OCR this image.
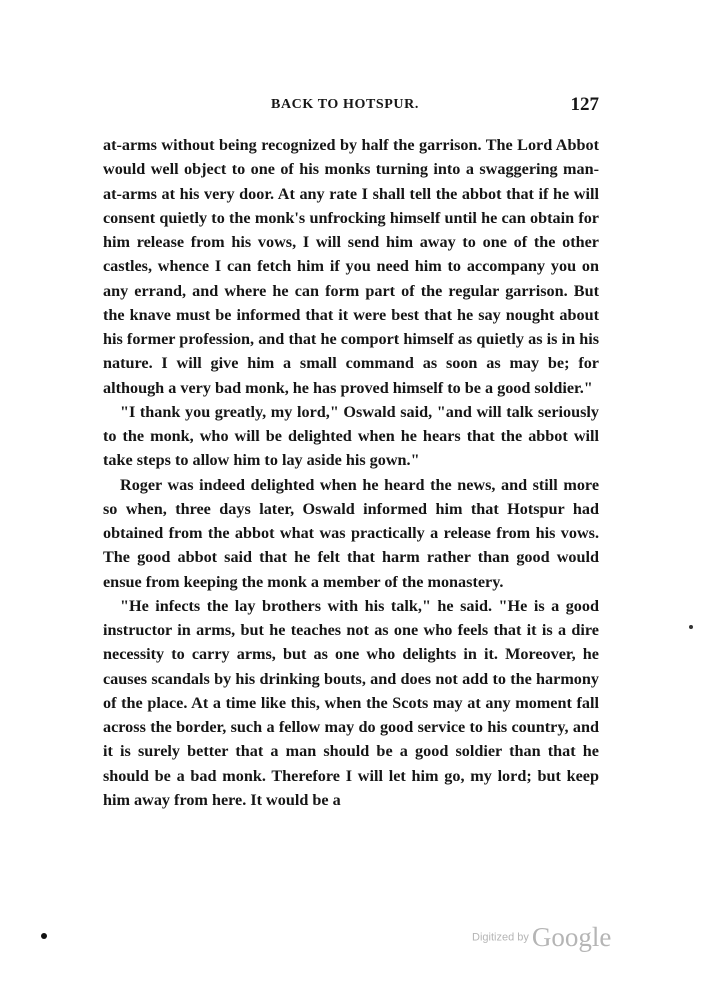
BACK TO HOTSPUR.	127

at-arms without being recognized by half the garrison. The Lord Abbot would well object to one of his monks turning into a swaggering man-at-arms at his very door. At any rate I shall tell the abbot that if he will consent quietly to the monk's unfrocking himself until he can obtain for him release from his vows, I will send him away to one of the other castles, whence I can fetch him if you need him to accompany you on any errand, and where he can form part of the regular garrison. But the knave must be informed that it were best that he say nought about his former profession, and that he comport himself as quietly as is in his nature. I will give him a small command as soon as may be; for although a very bad monk, he has proved himself to be a good soldier."

"I thank you greatly, my lord," Oswald said, "and will talk seriously to the monk, who will be delighted when he hears that the abbot will take steps to allow him to lay aside his gown."

Roger was indeed delighted when he heard the news, and still more so when, three days later, Oswald informed him that Hotspur had obtained from the abbot what was practically a release from his vows. The good abbot said that he felt that harm rather than good would ensue from keeping the monk a member of the monastery.

"He infects the lay brothers with his talk," he said. "He is a good instructor in arms, but he teaches not as one who feels that it is a dire necessity to carry arms, but as one who delights in it. Moreover, he causes scandals by his drinking bouts, and does not add to the harmony of the place. At a time like this, when the Scots may at any moment fall across the border, such a fellow may do good service to his country, and it is surely better that a man should be a good soldier than that he should be a bad monk. Therefore I will let him go, my lord; but keep him away from here. It would be a

Digitized by Google
